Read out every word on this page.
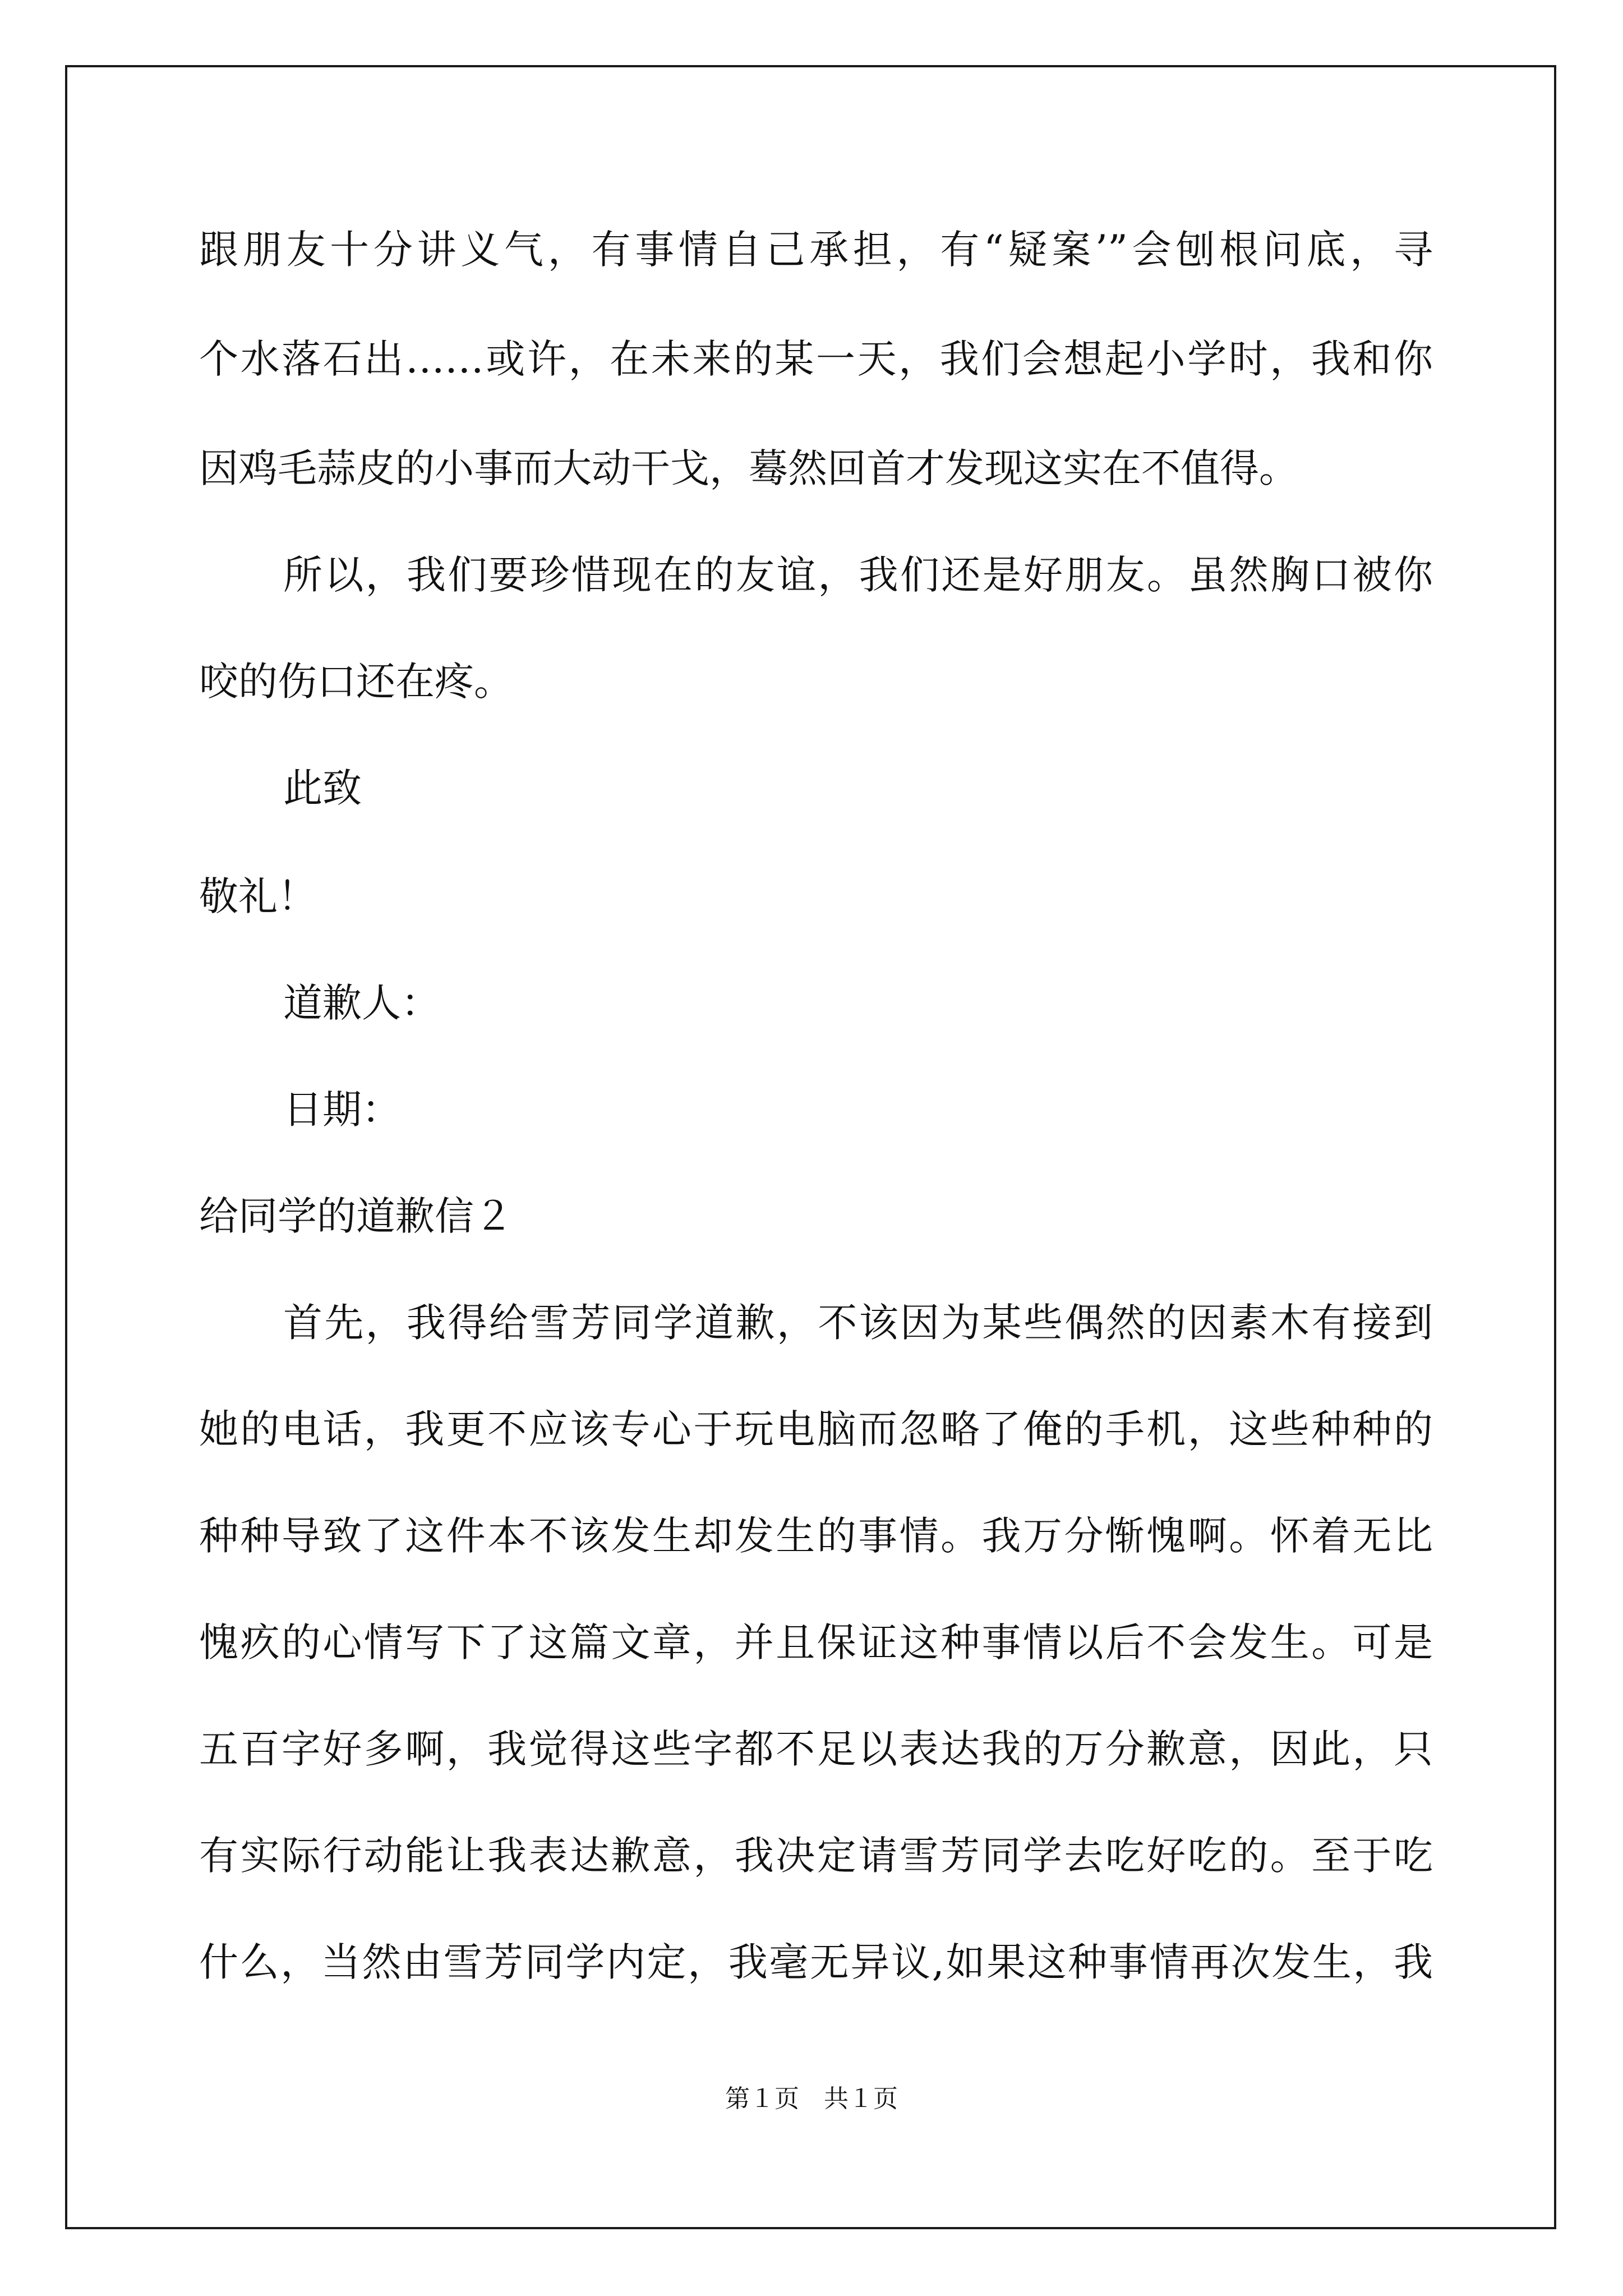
跟朋友十分讲义气，有事情自己承担，有“疑案’”会刨根问底，寻
个水落石出……或许，在未来的某一天，我们会想起小学时，我和你
因鸡毛蒜皮的小事而大动干戈，蓦然回首才发现这实在不值得。
所以，我们要珍惜现在的友谊，我们还是好朋友。虽然胸口被你
咬的伤口还在疼。
此致
敬礼！
道歉人：
日期：
给同学的道歉信２
首先，我得给雪芳同学道歉，不该因为某些偶然的因素木有接到
她的电话，我更不应该专心于玩电脑而忽略了俺的手机，这些种种的
种种导致了这件本不该发生却发生的事情。我万分惭愧啊。怀着无比
愧疚的心情写下了这篇文章，并且保证这种事情以后不会发生。可是
五百字好多啊，我觉得这些字都不足以表达我的万分歉意，因此，只
有实际行动能让我表达歉意，我决定请雪芳同学去吃好吃的。至于吃
什么，当然由雪芳同学内定，我毫无异议,如果这种事情再次发生，我
第１页　共１页
